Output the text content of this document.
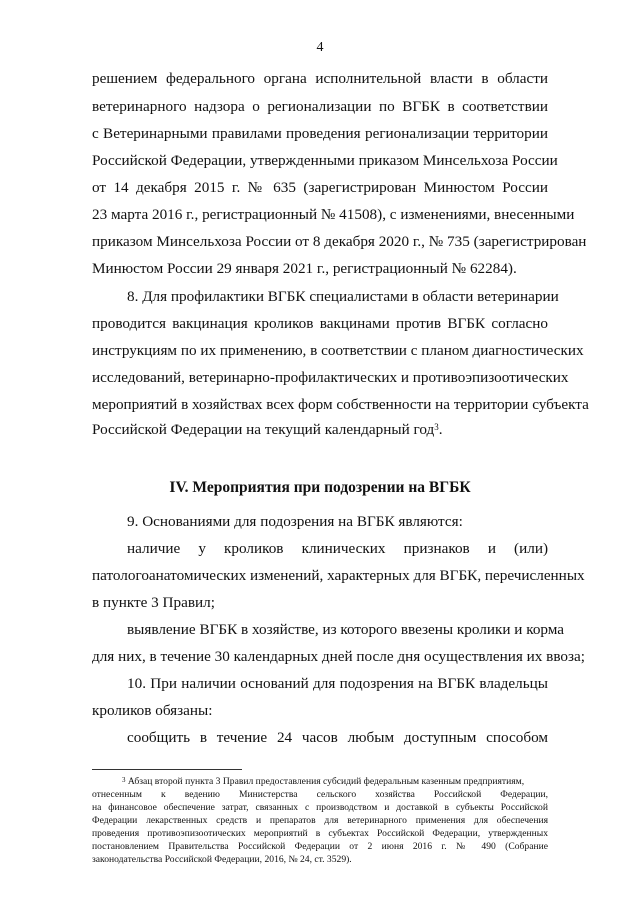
4
решением федерального органа исполнительной власти в области
ветеринарного надзора о регионализации по ВГБК в соответствии
с Ветеринарными правилами проведения регионализации территории
Российской Федерации, утвержденными приказом Минсельхоза России
от 14 декабря 2015 г. № 635 (зарегистрирован Минюстом России
23 марта 2016 г., регистрационный № 41508), с изменениями, внесенными
приказом Минсельхоза России от 8 декабря 2020 г., № 735 (зарегистрирован
Минюстом России 29 января 2021 г., регистрационный № 62284).
8. Для профилактики ВГБК специалистами в области ветеринарии
проводится вакцинация кроликов вакцинами против ВГБК согласно
инструкциям по их применению, в соответствии с планом диагностических
исследований, ветеринарно-профилактических и противоэпизоотических
мероприятий в хозяйствах всех форм собственности на территории субъекта
Российской Федерации на текущий календарный год$^3$.
IV. Мероприятия при подозрении на ВГБК
9. Основаниями для подозрения на ВГБК являются:
наличие у кроликов клинических признаков и (или)
патологоанатомических изменений, характерных для ВГБК, перечисленных
в пункте 3 Правил;
выявление ВГБК в хозяйстве, из которого ввезены кролики и корма
для них, в течение 30 календарных дней после дня осуществления их ввоза;
10. При наличии оснований для подозрения на ВГБК владельцы
кроликов обязаны:
сообщить в течение 24 часов любым доступным способом
$^3$ Абзац второй пункта 3 Правил предоставления субсидий федеральным казенным предприятиям,
отнесенным к ведению Министерства сельского хозяйства Российской Федерации,
на финансовое обеспечение затрат, связанных с производством и доставкой в субъекты Российской
Федерации лекарственных средств и препаратов для ветеринарного применения для обеспечения
проведения противоэпизоотических мероприятий в субъектах Российской Федерации, утвержденных
постановлением Правительства Российской Федерации от 2 июня 2016 г. № 490 (Собрание
законодательства Российской Федерации, 2016, № 24, ст. 3529).
